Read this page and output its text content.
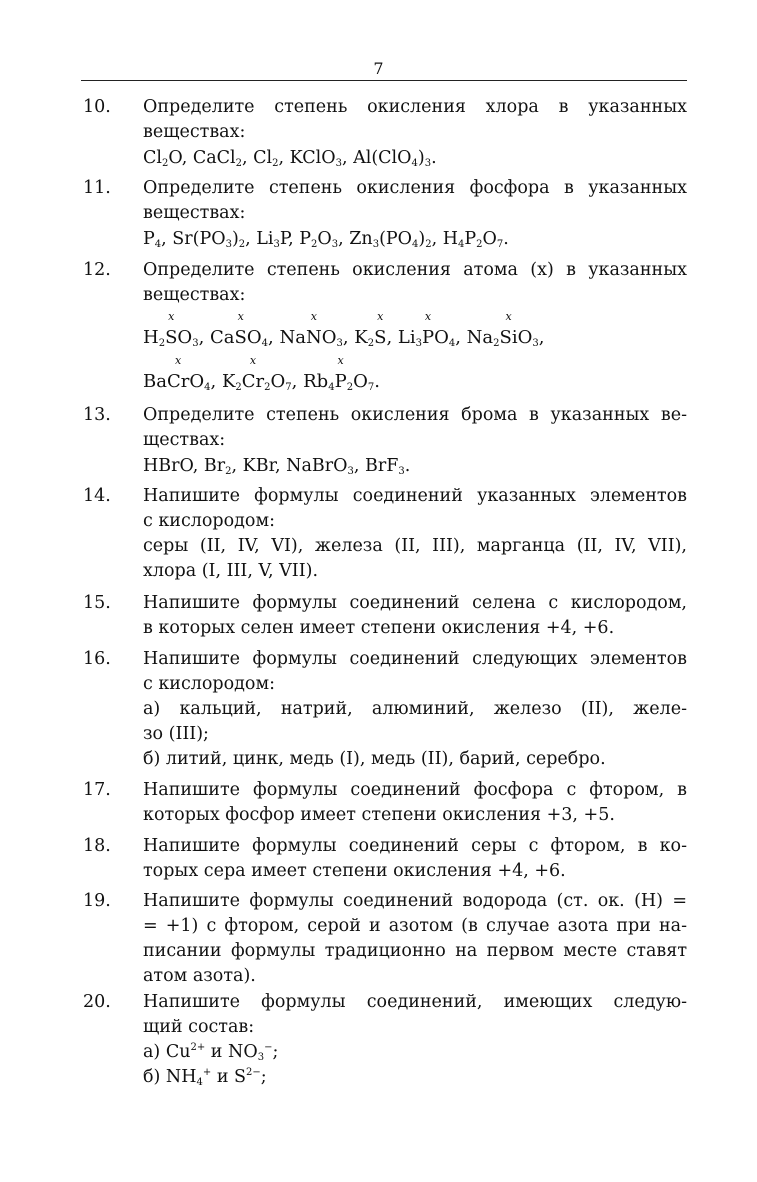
7
10. Определите степень окисления хлора в указанных
веществах:
$Cl_2O$, CaCl$_2$, $Cl_2$, KClO$_3$, $Al(ClO_4)_3$.
11. Определите степень окисления фосфора в указанных
веществах:
$P_4$, $Sr(PO_3)_2$, $Li_3P$, $P_2O_3$, $Zn_3(PO_4)_2$, $H_4P_2O_7$.
12. Определите степень окисления атома (x) в указанных
веществах:
$H_2$
x
$SO_3$, Ca
x
$SO_4$, Na
x
$NO_3$, $K_2$
x
S, $Li_3$
x
$PO_4$, $Na_2$
x
SiO$_3$,
Ba
x
CrO$_4$, $K_2$
x
$Cr_2O_7$, $Rb_4$
x
$P_2O_7$.
13. Определите степень окисления брома в указанных ве-
ществах:
HBrO, $Br_2$, KBr, NaBrO$_3$, BrF$_3$.
14. Напишите формулы соединений указанных элементов
с кислородом:
серы (II, IV, VI), железа (II, III), марганца (II, IV, VII),
хлора (I, III, V, VII).
15. Напишите формулы соединений селена с кислородом,
в которых селен имеет степени окисления +4, +6.
16. Напишите формулы соединений следующих элементов
с кислородом:
а) кальций, натрий, алюминий, железо (II), желе-
зо (III);
б) литий, цинк, медь (I), медь (II), барий, серебро.
17. Напишите формулы соединений фосфора с фтором, в
которых фосфор имеет степени окисления +3, +5.
18. Напишите формулы соединений серы с фтором, в ко-
торых сера имеет степени окисления +4, +6.
19. Напишите формулы соединений водорода (ст. ок. (H) =
= +1) с фтором, серой и азотом (в случае азота при на-
писании формулы традиционно на первом месте ставят
атом азота).
20. Напишите формулы соединений, имеющих следую-
щий состав:
а) $Cu^{2+}$ и $NO_3^-$;
б) $NH_4^+$ и $S^{2-}$;
